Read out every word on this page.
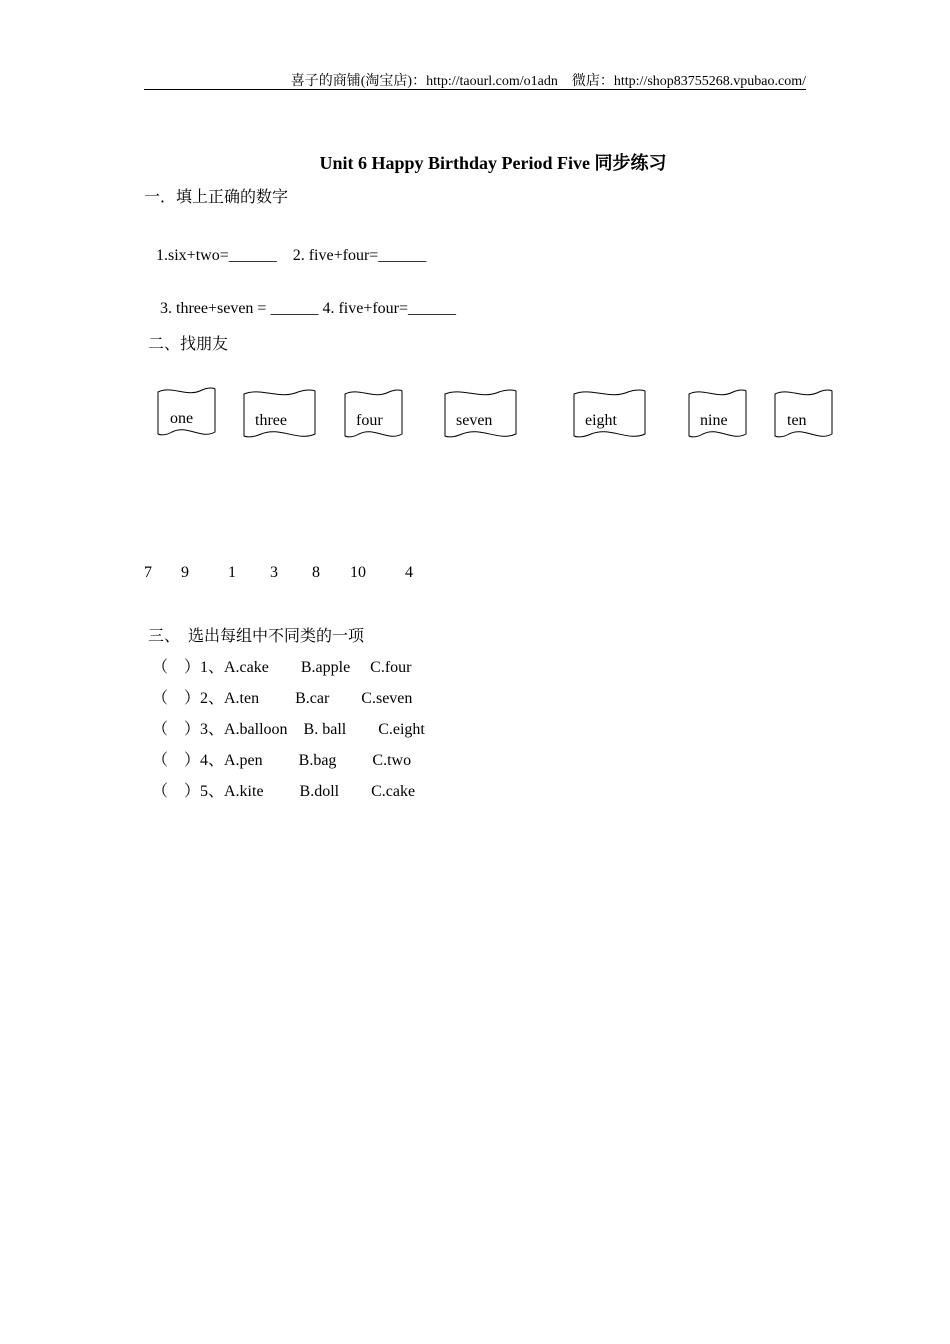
喜子的商铺(淘宝店)：http://taourl.com/o1adn　微店：http://shop83755268.vpubao.com/
Unit 6 Happy Birthday Period Five 同步练习
一．填上正确的数字
1.six+two=______　2. five+four=______
3. three+seven = ______ 4. five+four=______
二、找朋友
one	three	four	seven	eight	nine	ten
7 9 1 3 8 10 4
三、　选出每组中不同类的一项
（　）1、A.cake　　B.apple　 C.four
（　）2、A.ten　　 B.car　　C.seven
（　）3、A.balloon　B. ball　　C.eight
（　）4、A.pen　　 B.bag　　 C.two
（　）5、A.kite　　 B.doll　　C.cake
